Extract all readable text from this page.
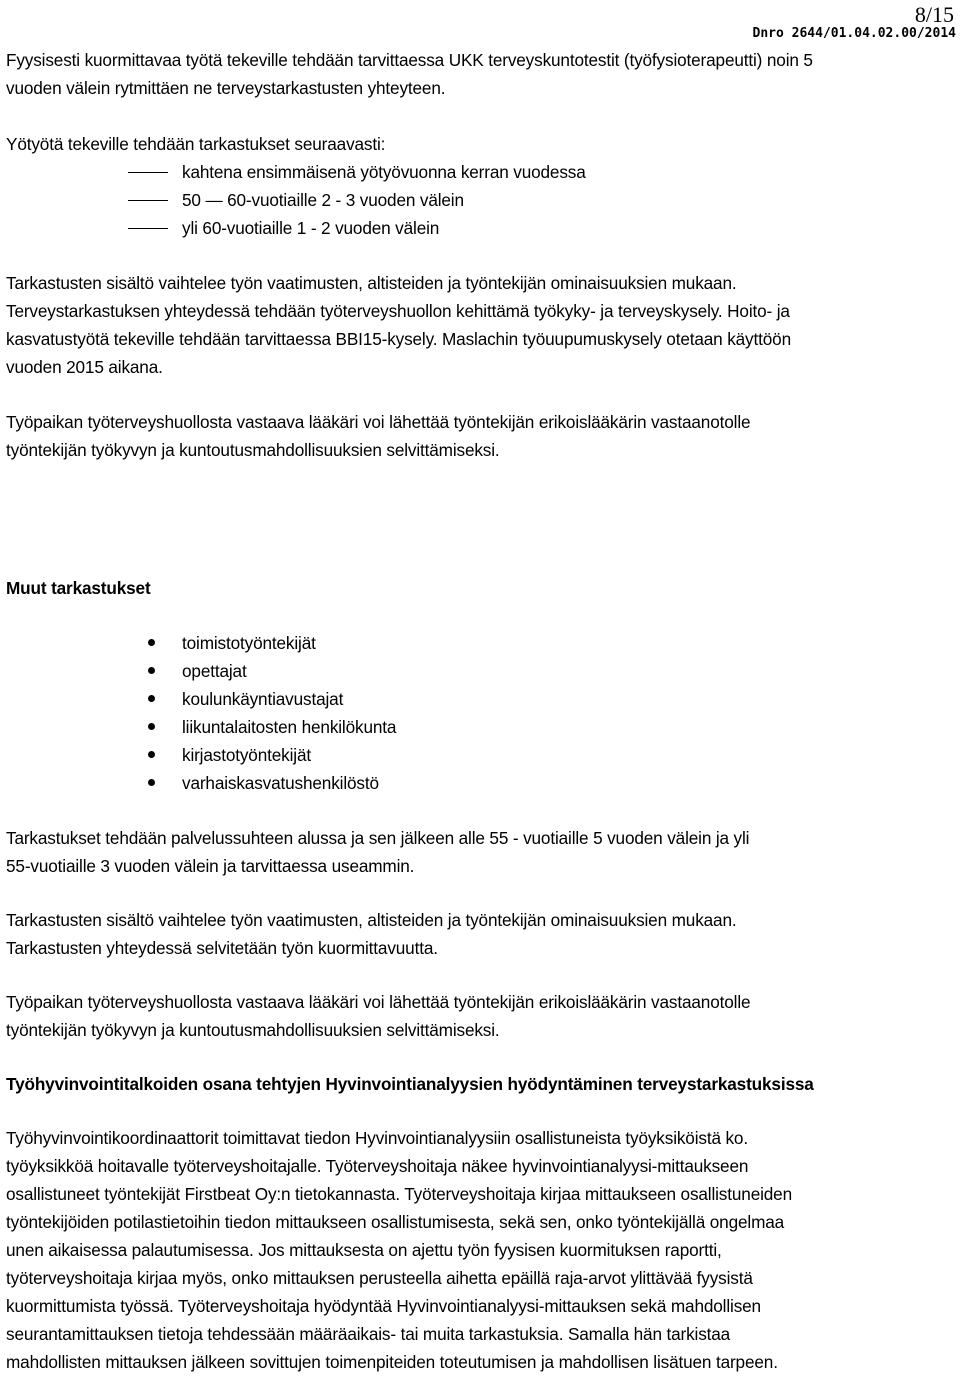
8/15
Dnro 2644/01.04.02.00/2014

Fyysisesti kuormittavaa työtä tekeville tehdään tarvittaessa UKK terveyskuntotestit (työfysioterapeutti) noin 5
vuoden välein rytmittäen ne terveystarkastusten yhteyteen.

Yötyötä tekeville tehdään tarkastukset seuraavasti:

kahtena ensimmäisenä yötyövuonna kerran vuodessa
50 — 60-vuotiaille 2 - 3 vuoden välein
yli 60-vuotiaille 1 - 2 vuoden välein

Tarkastusten sisältö vaihtelee työn vaatimusten, altisteiden ja työntekijän ominaisuuksien mukaan.
Terveystarkastuksen yhteydessä tehdään työterveyshuollon kehittämä työkyky- ja terveyskysely. Hoito- ja
kasvatustyötä tekeville tehdään tarvittaessa BBI15-kysely. Maslachin työuupumuskysely otetaan käyttöön
vuoden 2015 aikana.

Työpaikan työterveyshuollosta vastaava lääkäri voi lähettää työntekijän erikoislääkärin vastaanotolle
työntekijän työkyvyn ja kuntoutusmahdollisuuksien selvittämiseksi.

Muut tarkastukset

toimistotyöntekijät
opettajat
koulunkäyntiavustajat
liikuntalaitosten henkilökunta
kirjastotyöntekijät
varhaiskasvatushenkilöstö

Tarkastukset tehdään palvelussuhteen alussa ja sen jälkeen alle 55 - vuotiaille 5 vuoden välein ja yli
55-vuotiaille 3 vuoden välein ja tarvittaessa useammin.

Tarkastusten sisältö vaihtelee työn vaatimusten, altisteiden ja työntekijän ominaisuuksien mukaan.
Tarkastusten yhteydessä selvitetään työn kuormittavuutta.

Työpaikan työterveyshuollosta vastaava lääkäri voi lähettää työntekijän erikoislääkärin vastaanotolle
työntekijän työkyvyn ja kuntoutusmahdollisuuksien selvittämiseksi.

Työhyvinvointitalkoiden osana tehtyjen Hyvinvointianalyysien hyödyntäminen terveystarkastuksissa

Työhyvinvointikoordinaattorit toimittavat tiedon Hyvinvointianalyysiin osallistuneista työyksiköistä ko.
työyksikköä hoitavalle työterveyshoitajalle. Työterveyshoitaja näkee hyvinvointianalyysi-mittaukseen
osallistuneet työntekijät Firstbeat Oy:n tietokannasta. Työterveyshoitaja kirjaa mittaukseen osallistuneiden
työntekijöiden potilastietoihin tiedon mittaukseen osallistumisesta, sekä sen, onko työntekijällä ongelmaa
unen aikaisessa palautumisessa. Jos mittauksesta on ajettu työn fyysisen kuormituksen raportti,
työterveyshoitaja kirjaa myös, onko mittauksen perusteella aihetta epäillä raja-arvot ylittävää fyysistä
kuormittumista työssä. Työterveyshoitaja hyödyntää Hyvinvointianalyysi-mittauksen sekä mahdollisen
seurantamittauksen tietoja tehdessään määräaikais- tai muita tarkastuksia. Samalla hän tarkistaa
mahdollisten mittauksen jälkeen sovittujen toimenpiteiden toteutumisen ja mahdollisen lisätuen tarpeen.
